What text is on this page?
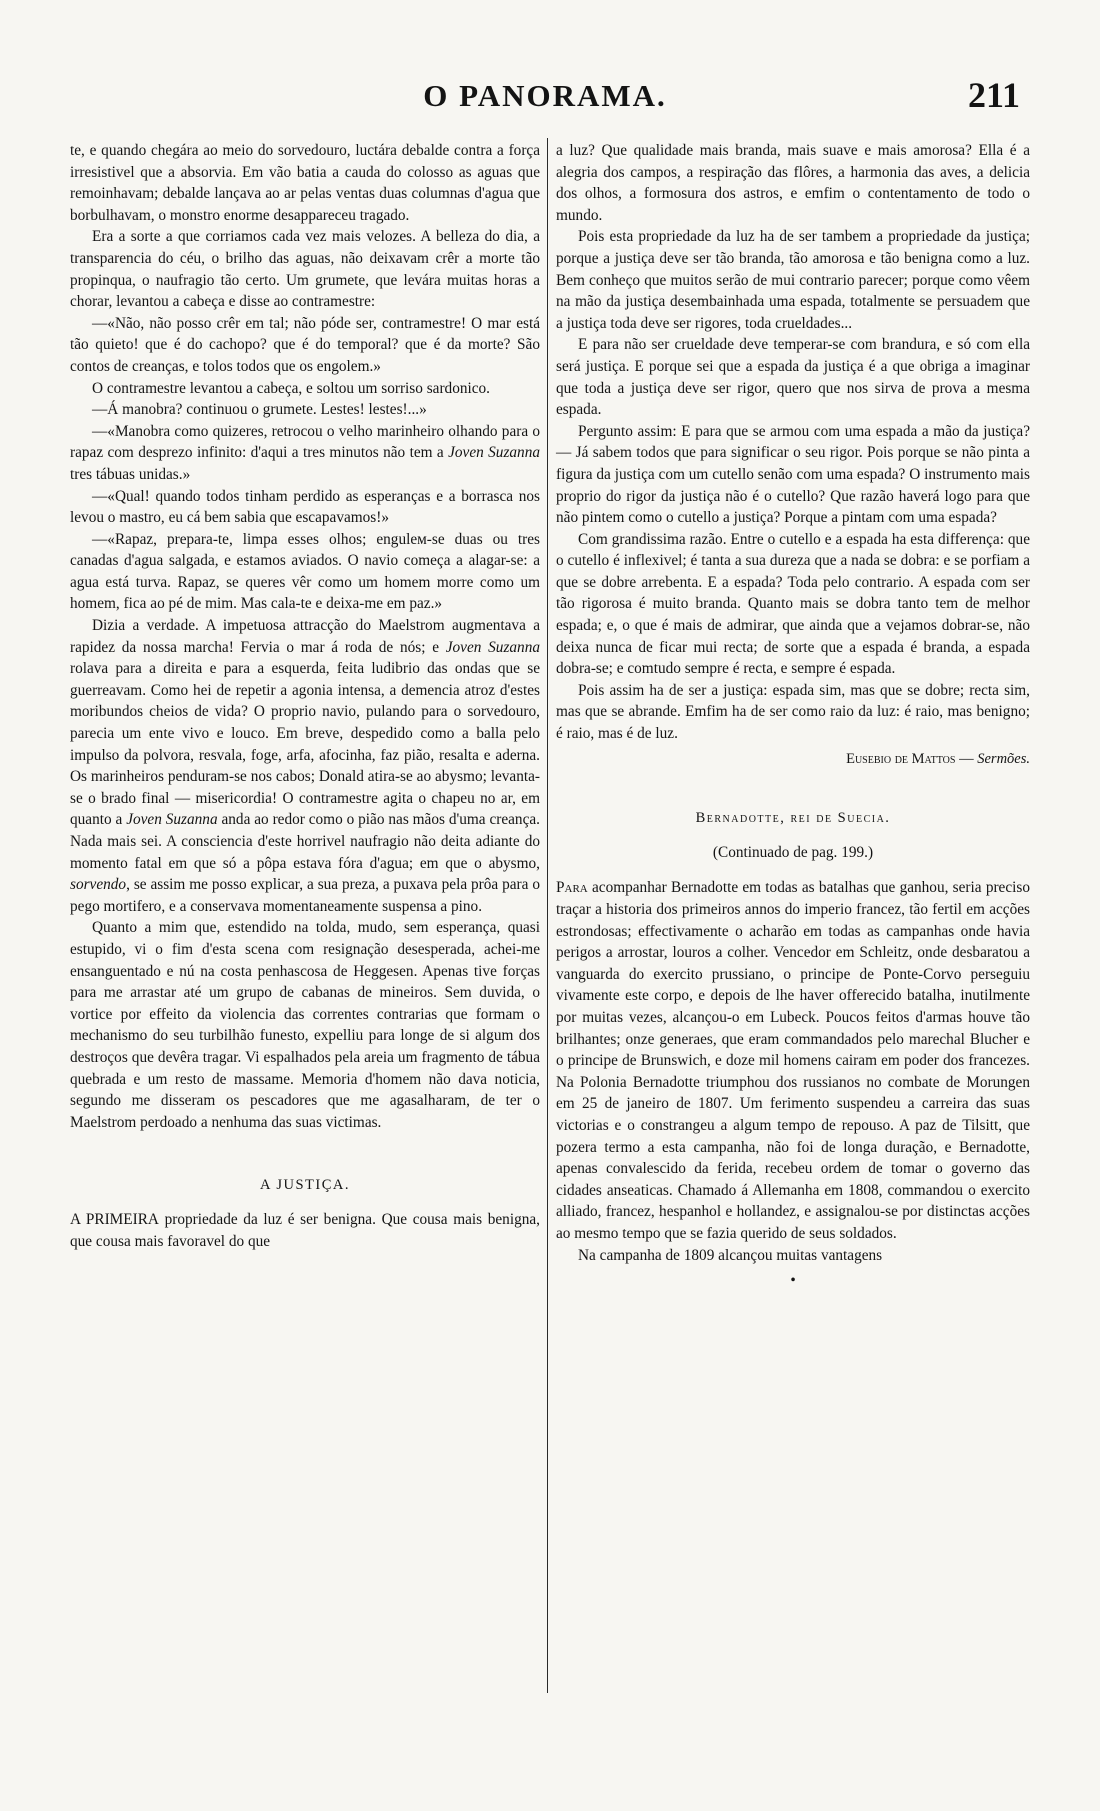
O PANORAMA.	211

te, e quando chegára ao meio do sorvedouro, luctára debalde contra a força irresistivel que a absorvia. Em vão batia a cauda do colosso as aguas que remoinhavam; debalde lançava ao ar pelas ventas duas columnas d'agua que borbulhavam, o monstro enorme desappareceu tragado.

Era a sorte a que corriamos cada vez mais velozes. A belleza do dia, a transparencia do céu, o brilho das aguas, não deixavam crêr a morte tão propinqua, o naufragio tão certo. Um grumete, que levára muitas horas a chorar, levantou a cabeça e disse ao contramestre:

—«Não, não posso crêr em tal; não póde ser, contramestre! O mar está tão quieto! que é do cachopo? que é do temporal? que é da morte? São contos de creanças, e tolos todos que os engolem.»

O contramestre levantou a cabeça, e soltou um sorriso sardonico.

—Á manobra? continuou o grumete. Lestes! lestes!...»

—«Manobra como quizeres, retrocou o velho marinheiro olhando para o rapaz com desprezo infinito: d'aqui a tres minutos não tem a Joven Suzanna tres tábuas unidas.»

—«Qual! quando todos tinham perdido as esperanças e a borrasca nos levou o mastro, eu cá bem sabia que escapavamos!»

—«Rapaz, prepara-te, limpa esses olhos; enguleм-se duas ou tres canadas d'agua salgada, e estamos aviados. O navio começa a alagar-se: a agua está turva. Rapaz, se queres vêr como um homem morre como um homem, fica ao pé de mim. Mas cala-te e deixa-me em paz.»

Dizia a verdade. A impetuosa attracção do Maelstrom augmentava a rapidez da nossa marcha! Fervia o mar á roda de nós; e Joven Suzanna rolava para a direita e para a esquerda, feita ludibrio das ondas que se guerreavam. Como hei de repetir a agonia intensa, a demencia atroz d'estes moribundos cheios de vida? O proprio navio, pulando para o sorvedouro, parecia um ente vivo e louco. Em breve, despedido como a balla pelo impulso da polvora, resvala, foge, arfa, afocinha, faz pião, resalta e aderna. Os marinheiros penduram-se nos cabos; Donald atira-se ao abysmo; levanta-se o brado final — misericordia! O contramestre agita o chapeu no ar, em quanto a Joven Suzanna anda ao redor como o pião nas mãos d'uma creança. Nada mais sei. A consciencia d'este horrivel naufragio não deita adiante do momento fatal em que só a pôpa estava fóra d'agua; em que o abysmo, sorvendo, se assim me posso explicar, a sua preza, a puxava pela prôa para o pego mortifero, e a conservava momentaneamente suspensa a pino.

Quanto a mim que, estendido na tolda, mudo, sem esperança, quasi estupido, vi o fim d'esta scena com resignação desesperada, achei-me ensanguentado e nú na costa penhascosa de Heggesen. Apenas tive forças para me arrastar até um grupo de cabanas de mineiros. Sem duvida, o vortice por effeito da violencia das correntes contrarias que formam o mechanismo do seu turbilhão funesto, expelliu para longe de si algum dos destroços que devêra tragar. Vi espalhados pela areia um fragmento de tábua quebrada e um resto de massame. Memoria d'homem não dava noticia, segundo me disseram os pescadores que me agasalharam, de ter o Maelstrom perdoado a nenhuma das suas victimas.

A JUSTIÇA.

A PRIMEIRA propriedade da luz é ser benigna. Que cousa mais benigna, que cousa mais favoravel do que

a luz? Que qualidade mais branda, mais suave e mais amorosa? Ella é a alegria dos campos, a respiração das flôres, a harmonia das aves, a delicia dos olhos, a formosura dos astros, e emfim o contentamento de todo o mundo.

Pois esta propriedade da luz ha de ser tambem a propriedade da justiça; porque a justiça deve ser tão branda, tão amorosa e tão benigna como a luz. Bem conheço que muitos serão de mui contrario parecer; porque como vêem na mão da justiça desembainhada uma espada, totalmente se persuadem que a justiça toda deve ser rigores, toda crueldades...

E para não ser crueldade deve temperar-se com brandura, e só com ella será justiça. E porque sei que a espada da justiça é a que obriga a imaginar que toda a justiça deve ser rigor, quero que nos sirva de prova a mesma espada.

Pergunto assim: E para que se armou com uma espada a mão da justiça? — Já sabem todos que para significar o seu rigor. Pois porque se não pinta a figura da justiça com um cutello senão com uma espada? O instrumento mais proprio do rigor da justiça não é o cutello? Que razão haverá logo para que não pintem como o cutello a justiça? Porque a pintam com uma espada?

Com grandissima razão. Entre o cutello e a espada ha esta differença: que o cutello é inflexivel; é tanta a sua dureza que a nada se dobra: e se porfiam a que se dobre arrebenta. E a espada? Toda pelo contrario. A espada com ser tão rigorosa é muito branda. Quanto mais se dobra tanto tem de melhor espada; e, o que é mais de admirar, que ainda que a vejamos dobrar-se, não deixa nunca de ficar mui recta; de sorte que a espada é branda, a espada dobra-se; e comtudo sempre é recta, e sempre é espada.

Pois assim ha de ser a justiça: espada sim, mas que se dobre; recta sim, mas que se abrande. Emfim ha de ser como raio da luz: é raio, mas benigno; é raio, mas é de luz.

Eusebio de Mattos — Sermões.
Bernadotte, rei de Suecia.
(Continuado de pag. 199.)

Para acompanhar Bernadotte em todas as batalhas que ganhou, seria preciso traçar a historia dos primeiros annos do imperio francez, tão fertil em acções estrondosas; effectivamente o acharão em todas as campanhas onde havia perigos a arrostar, louros a colher. Vencedor em Schleitz, onde desbaratou a vanguarda do exercito prussiano, o principe de Ponte-Corvo perseguiu vivamente este corpo, e depois de lhe haver offerecido batalha, inutilmente por muitas vezes, alcançou-o em Lubeck. Poucos feitos d'armas houve tão brilhantes; onze generaes, que eram commandados pelo marechal Blucher e o principe de Brunswich, e doze mil homens cairam em poder dos francezes. Na Polonia Bernadotte triumphou dos russianos no combate de Morungen em 25 de janeiro de 1807. Um ferimento suspendeu a carreira das suas victorias e o constrangeu a algum tempo de repouso. A paz de Tilsitt, que pozera termo a esta campanha, não foi de longa duração, e Bernadotte, apenas convalescido da ferida, recebeu ordem de tomar o governo das cidades anseaticas. Chamado á Allemanha em 1808, commandou o exercito alliado, francez, hespanhol e hollandez, e assignalou-se por distinctas acções ao mesmo tempo que se fazia querido de seus soldados.

Na campanha de 1809 alcançou muitas vantagens

•
